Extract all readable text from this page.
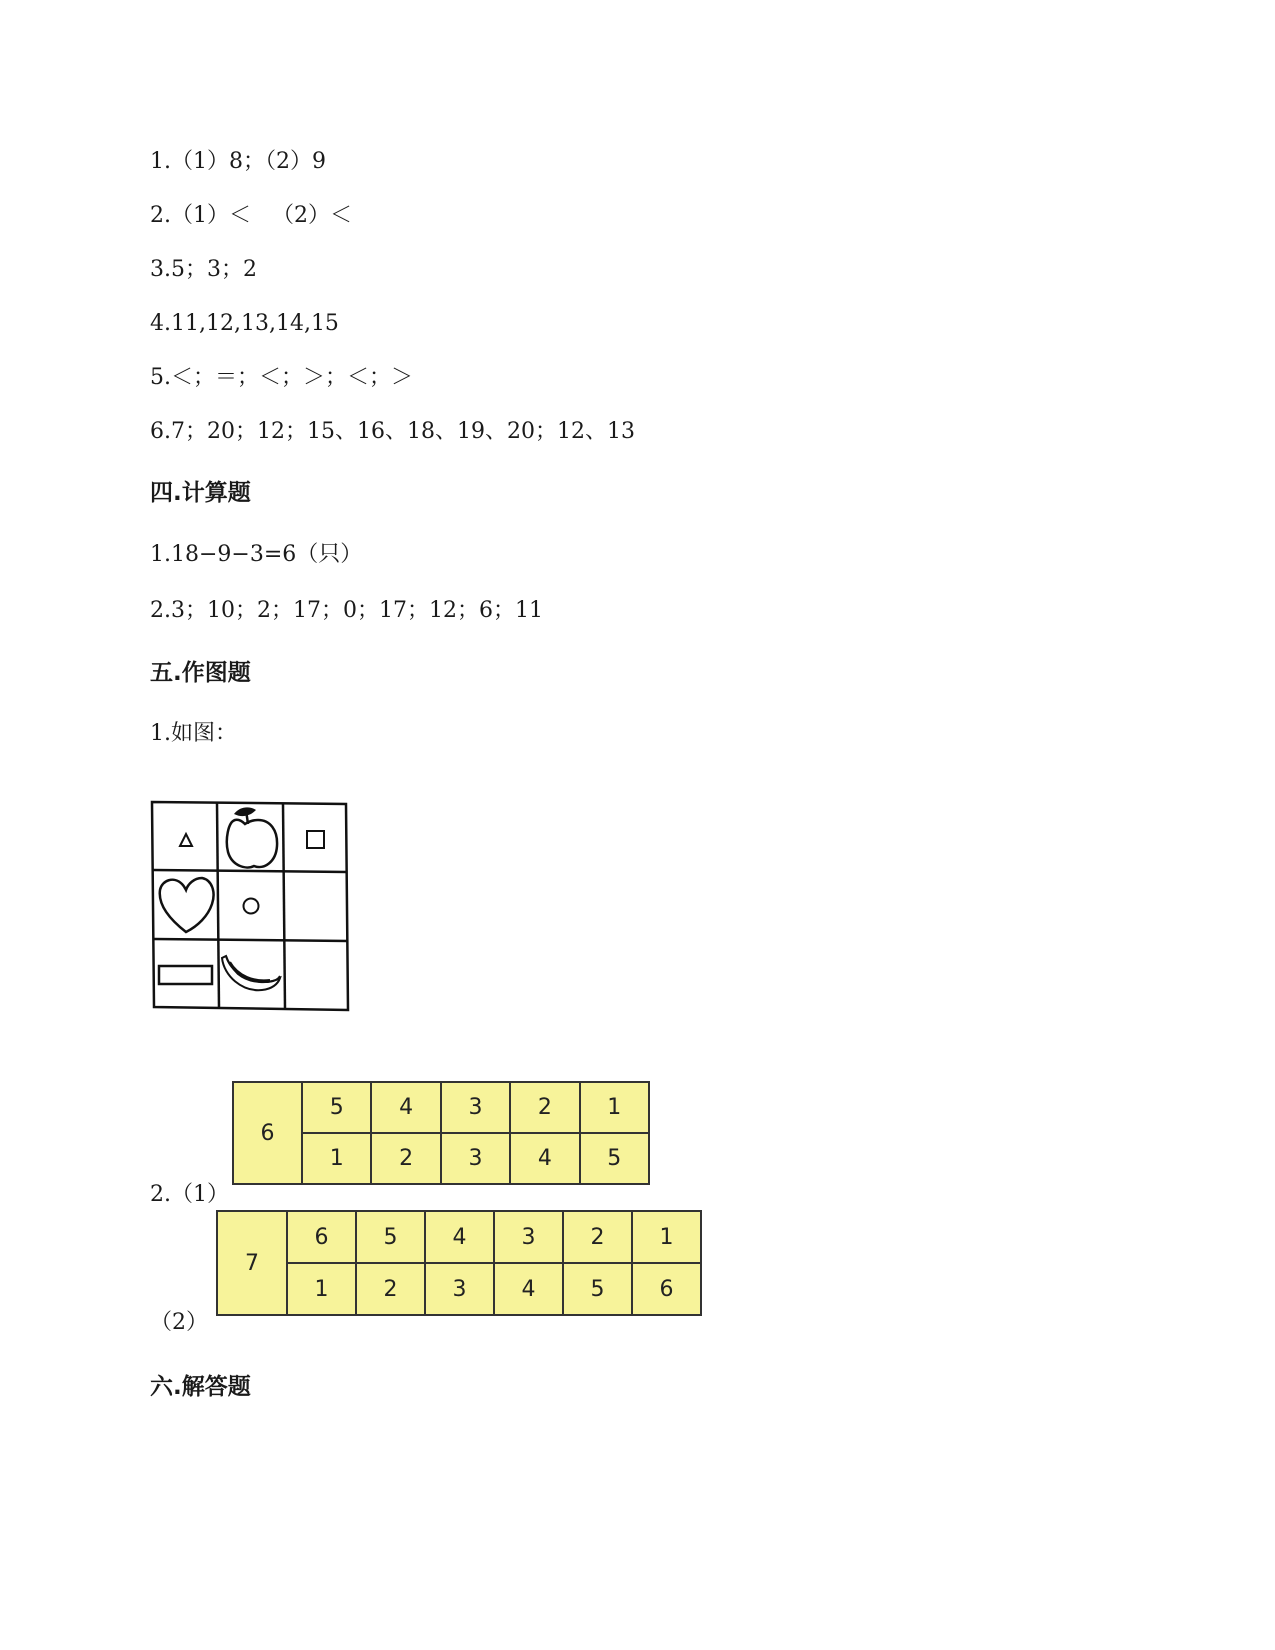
1.（1）8；（2）9
2.（1）＜   （2）＜
3.5；3；2
4.11,12,13,14,15
5.＜；＝；＜；＞；＜；＞
6.7；20；12；15、16、18、19、20；12、13
四.计算题
1.18−9−3=6（只）
2.3；10；2；17；0；17；12；6；11
五.作图题
1.如图：
6	5	4	3	2	1
	1	2	3	4	5
2.（1）
7	6	5	4	3	2	1
	1	2	3	4	5	6
（2）
六.解答题
